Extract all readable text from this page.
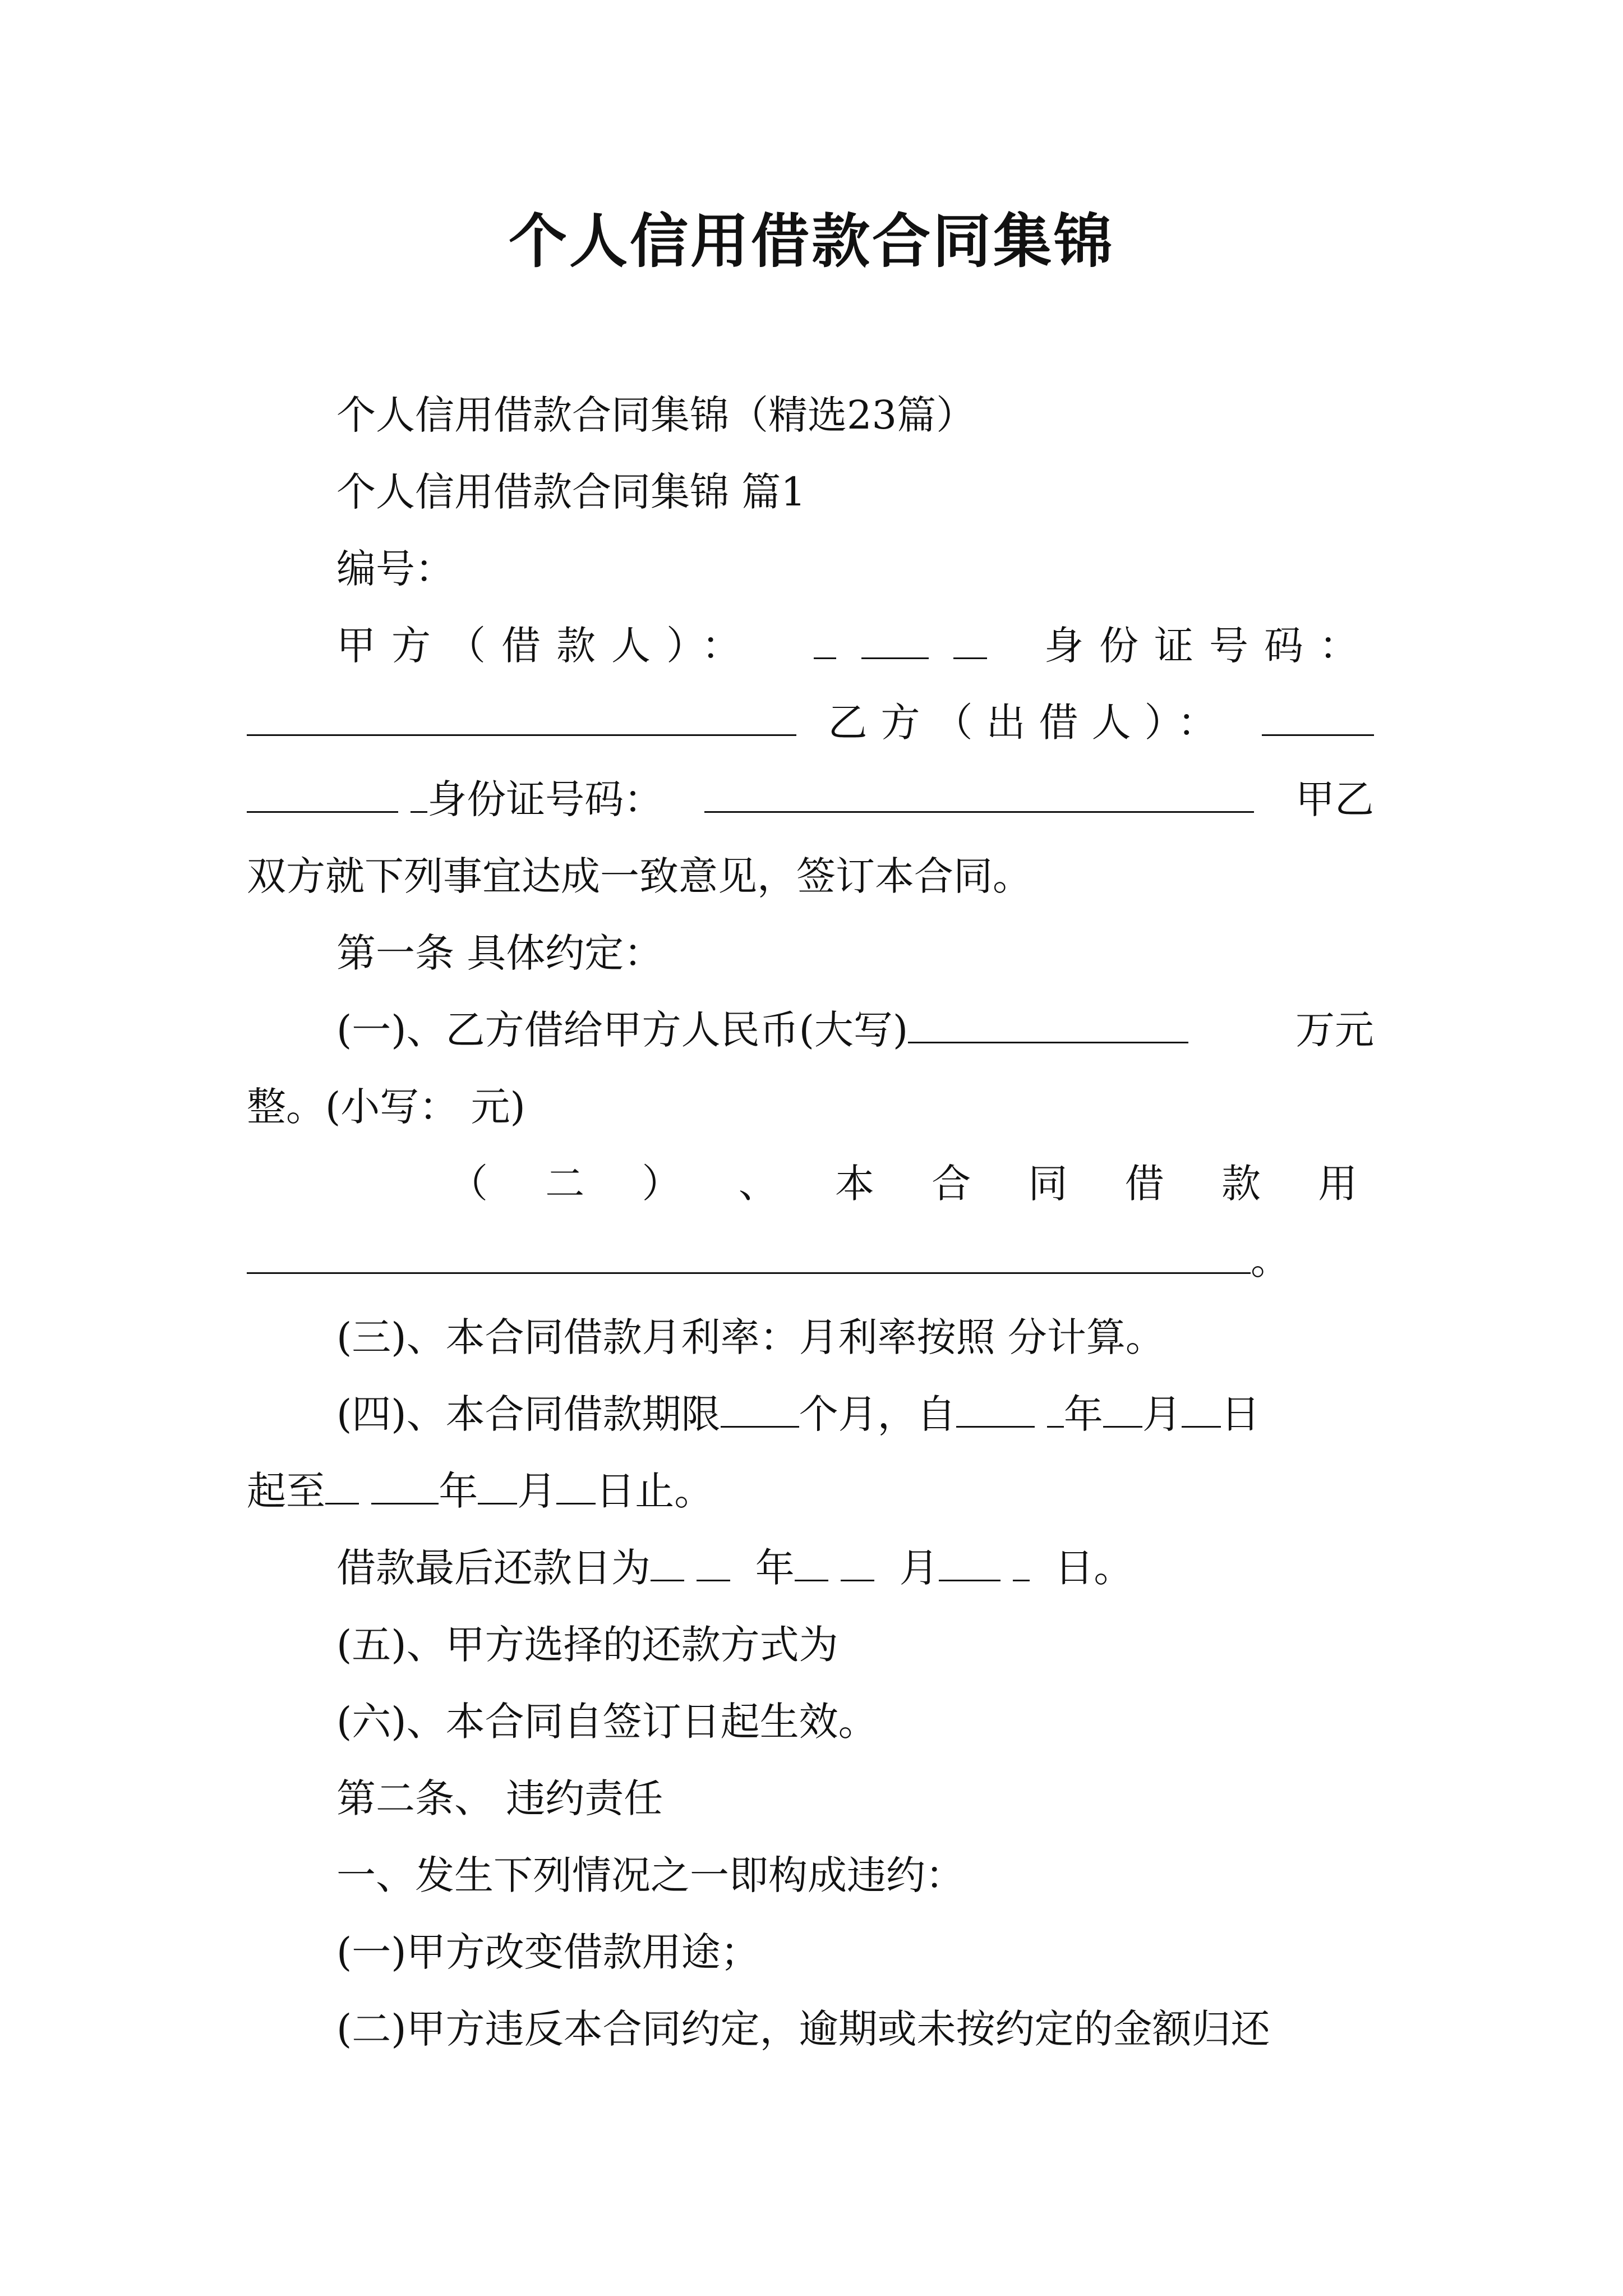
个人信用借款合同集锦
个人信用借款合同集锦（精选23篇）
个人信用借款合同集锦 篇1
编号：
甲方（借款人）：
	身份证号码：
乙方（出借人）：
身份证号码：	甲乙
双方就下列事宜达成一致意见，签订本合同。
第一条 具体约定：
(一)、乙方借给甲方人民币(大写)	万元
整。(小写： 元)
（ 二 ） 、 本 合 同 借 款 用
。
(三)、本合同借款月利率：月利率按照 分计算。
(四)、本合同借款期限 个月，自	年 月 日
起至	年 月 日止。
借款最后还款日为	年	月	日。
(五)、甲方选择的还款方式为
(六)、本合同自签订日起生效。
第二条、 违约责任
一、发生下列情况之一即构成违约：
(一)甲方改变借款用途；
(二)甲方违反本合同约定，逾期或未按约定的金额归还
